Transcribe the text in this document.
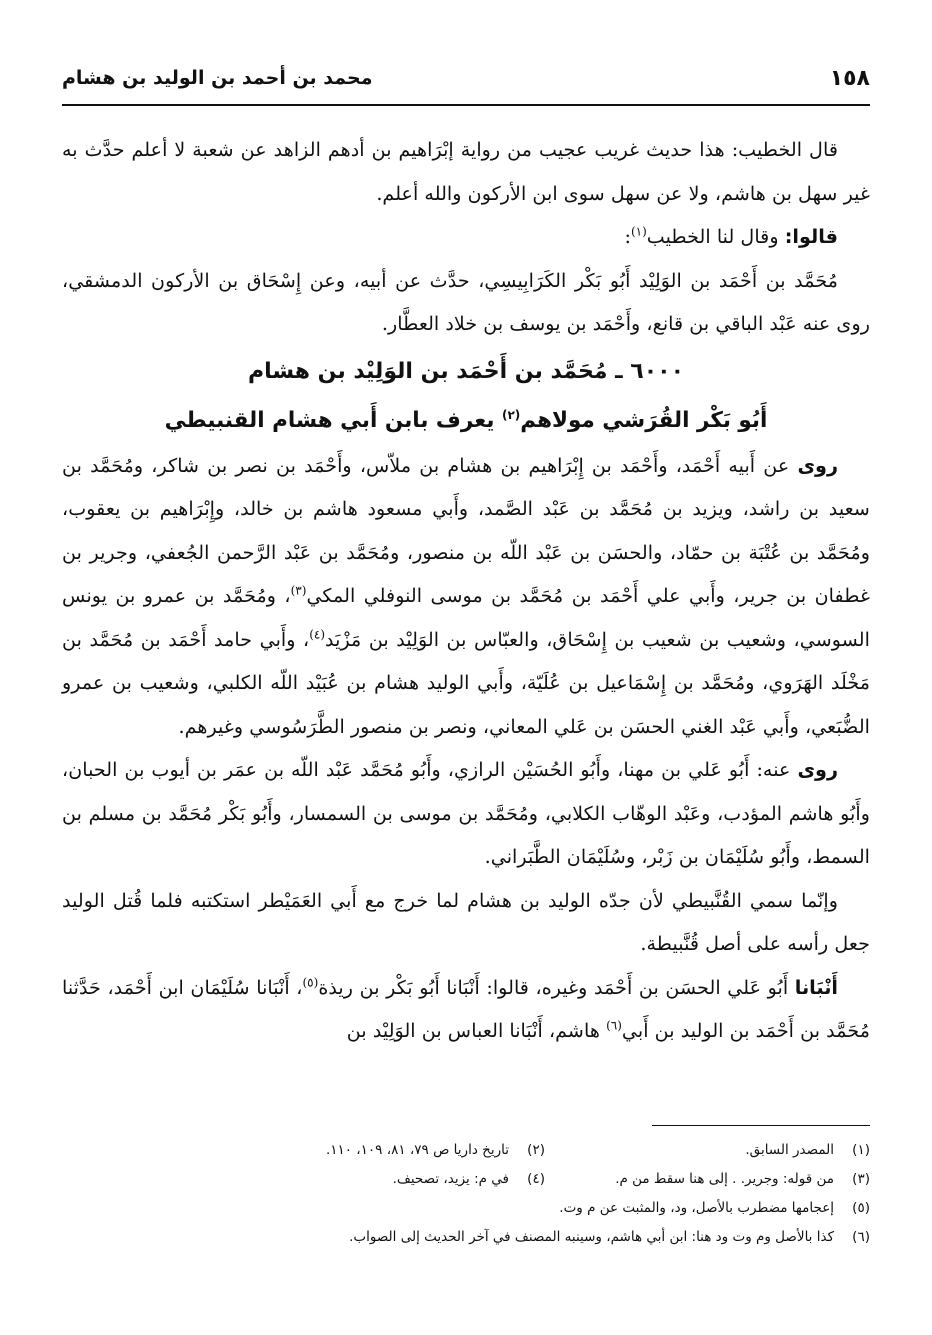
١٥٨
محمد بن أحمد بن الوليد بن هشام

قال الخطيب: هذا حديث غريب عجيب من رواية إبْرَاهيم بن أدهم الزاهد عن شعبة لا أعلم حدَّث به غير سهل بن هاشم، ولا عن سهل سوى ابن الأركون والله أعلم.

قالوا: وقال لنا الخطيب$^{(١)}$:

مُحَمَّد بن أَحْمَد بن الوَلِيْد أَبُو بَكْر الكَرَابِيسِي، حدَّث عن أبيه، وعن إِسْحَاق بن الأركون الدمشقي، روى عنه عَبْد الباقي بن قانع، وأَحْمَد بن يوسف بن خلاد العطَّار.

٦٠٠٠ ـ مُحَمَّد بن أَحْمَد بن الوَلِيْد بن هشام

أَبُو بَكْر القُرَشي مولاهم$^{(٢)}$ يعرف بابن أَبي هشام القنبيطي

روى عن أَبيه أَحْمَد، وأَحْمَد بن إِبْرَاهيم بن هشام بن ملاّس، وأَحْمَد بن نصر بن شاكر، ومُحَمَّد بن سعيد بن راشد، ويزيد بن مُحَمَّد بن عَبْد الصَّمد، وأَبي مسعود هاشم بن خالد، وإِبْرَاهيم بن يعقوب، ومُحَمَّد بن عُتْبَة بن حمّاد، والحسَن بن عَبْد اللّه بن منصور، ومُحَمَّد بن عَبْد الرَّحمن الجُعفي، وجرير بن غطفان بن جرير، وأَبي علي أَحْمَد بن مُحَمَّد بن موسى النوفلي المكي$^{(٣)}$، ومُحَمَّد بن عمرو بن يونس السوسي، وشعيب بن شعيب بن إِسْحَاق، والعبّاس بن الوَلِيْد بن مَزْيَد$^{(٤)}$، وأَبي حامد أَحْمَد بن مُحَمَّد بن مَخْلَد الهَرَوي، ومُحَمَّد بن إِسْمَاعيل بن عُلَيّة، وأَبي الوليد هشام بن عُبَيْد اللّه الكلبي، وشعيب بن عمرو الضُّبَعي، وأَبي عَبْد الغني الحسَن بن عَلي المعاني، ونصر بن منصور الطَّرَسُوسي وغيرهم.

روى عنه: أَبُو عَلي بن مهنا، وأَبُو الحُسَيْن الرازي، وأَبُو مُحَمَّد عَبْد اللّه بن عمَر بن أيوب بن الحبان، وأَبُو هاشم المؤدب، وعَبْد الوهّاب الكلابي، ومُحَمَّد بن موسى بن السمسار، وأَبُو بَكْر مُحَمَّد بن مسلم بن السمط، وأَبُو سُلَيْمَان بن زَبْر، وسُلَيْمَان الطَّبَراني.

وإنّما سمي القُنَّبيطي لأن جدّه الوليد بن هشام لما خرج مع أَبي العَمَيْطر استكتبه فلما قُتل الوليد جعل رأسه على أصل قُنَّبيطة.

أَنْبَانا أَبُو عَلي الحسَن بن أَحْمَد وغيره، قالوا: أَنْبَانا أَبُو بَكْر بن ريذة$^{(٥)}$، أَنْبَانا سُلَيْمَان ابن أَحْمَد، حَدَّثنا مُحَمَّد بن أَحْمَد بن الوليد بن أَبي$^{(٦)}$ هاشم، أَنْبَانا العباس بن الوَلِيْد بن

(١)
المصدر السابق.
(٢)
تاريخ داريا ص ٧٩، ٨١، ١٠٩، ١١٠.
(٣)
من قوله: وجرير. . إلى هنا سقط من م.
(٤)
في م: يزيد، تصحيف.
(٥)
إعجامها مضطرب بالأصل، ود، والمثبت عن م وت.
(٦)
كذا بالأصل وم وت ود هنا: ابن أبي هاشم، وسينبه المصنف في آخر الحديث إلى الصواب.
